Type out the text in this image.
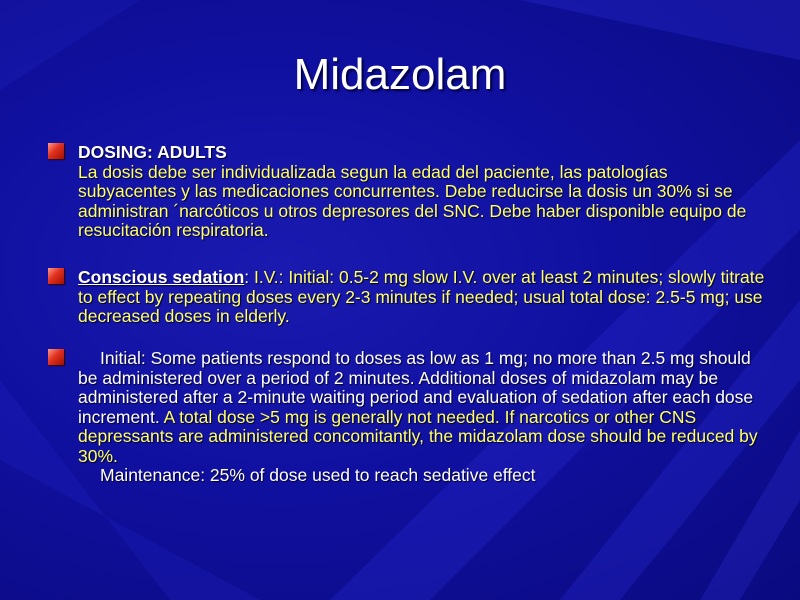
Midazolam
DOSING: ADULTS
La dosis debe ser individualizada segun la edad del paciente, las patologías subyacentes y las medicaciones concurrentes. Debe reducirse la dosis un 30% si se administran ´narcóticos u otros depresores del SNC. Debe haber disponible equipo de resucitación respiratoria.
Conscious sedation: I.V.: Initial: 0.5-2 mg slow I.V. over at least 2 minutes; slowly titrate to effect by repeating doses every 2-3 minutes if needed; usual total dose: 2.5-5 mg; use decreased doses in elderly.
Initial: Some patients respond to doses as low as 1 mg; no more than 2.5 mg should be administered over a period of 2 minutes. Additional doses of midazolam may be administered after a 2-minute waiting period and evaluation of sedation after each dose increment. A total dose >5 mg is generally not needed. If narcotics or other CNS depressants are administered concomitantly, the midazolam dose should be reduced by 30%.
Maintenance: 25% of dose used to reach sedative effect
